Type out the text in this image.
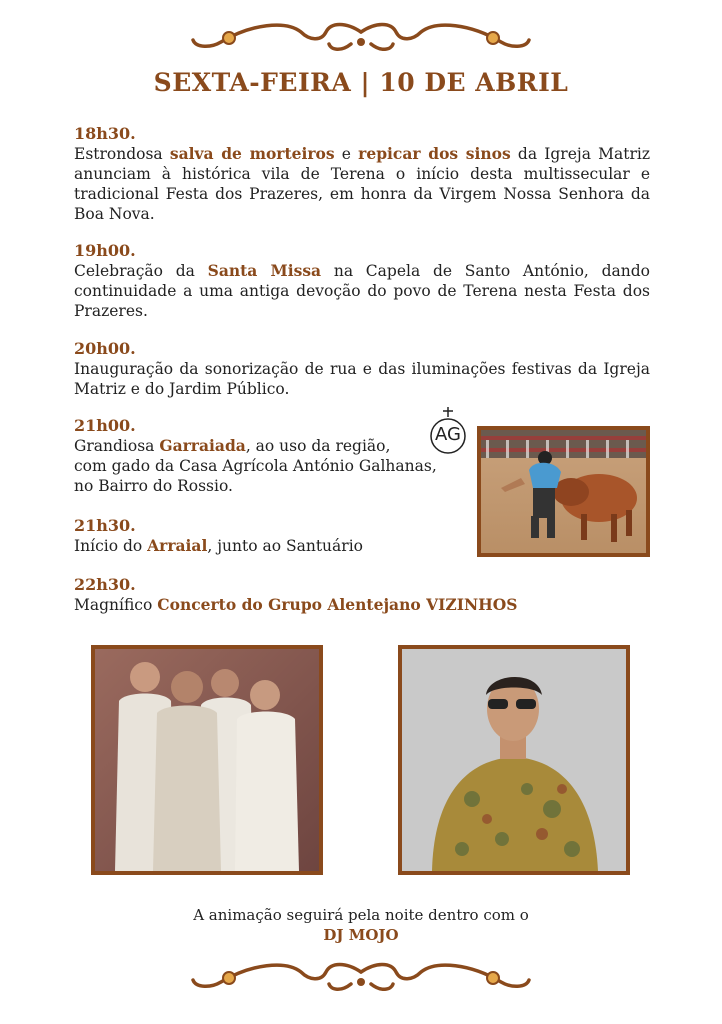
SEXTA-FEIRA | 10 DE ABRIL
18h30.
Estrondosa salva de morteiros e repicar dos sinos da Igreja Matriz anunciam à histórica vila de Terena o início desta multissecular e tradicional Festa dos Prazeres, em honra da Virgem Nossa Senhora da Boa Nova.
19h00.
Celebração da Santa Missa na Capela de Santo António, dando continuidade a uma antiga devoção do povo de Terena nesta Festa dos Prazeres.
20h00.
Inauguração da sonorização de rua e das iluminações festivas da Igreja Matriz e do Jardim Público.
21h00.
Grandiosa Garraiada, ao uso da região,
com gado da Casa Agrícola António Galhanas,
no Bairro do Rossio.
AG
21h30.
Início do Arraial, junto ao Santuário
22h30.
Magnífico Concerto do Grupo Alentejano VIZINHOS
A animação seguirá pela noite dentro com o
DJ MOJO
